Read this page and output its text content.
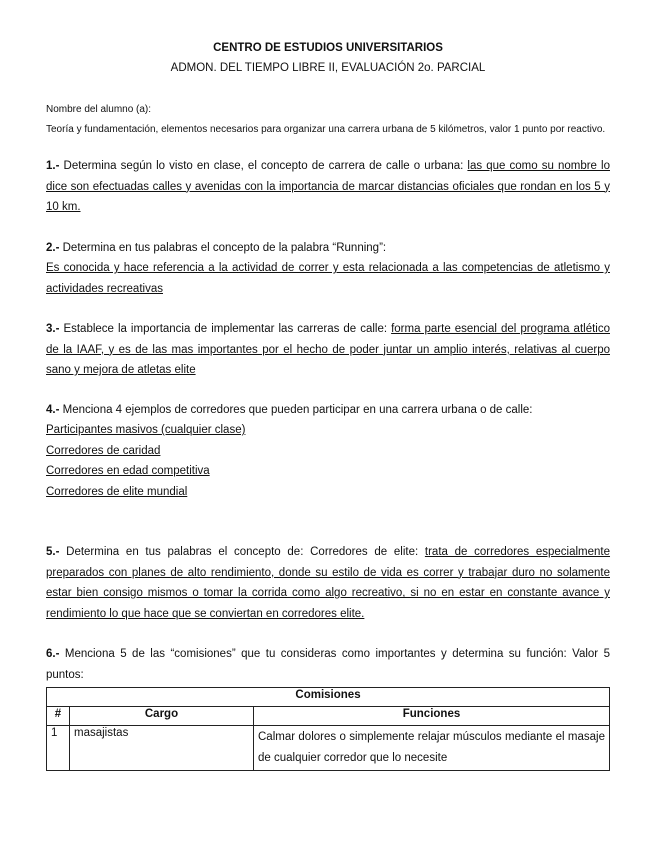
CENTRO DE ESTUDIOS UNIVERSITARIOS

ADMON. DEL TIEMPO LIBRE II, EVALUACIÓN 2o. PARCIAL

Nombre del alumno (a):
Teoría y fundamentación, elementos necesarios para organizar una carrera urbana de 5 kilómetros, valor 1 punto por reactivo.
1.- Determina según lo visto en clase, el concepto de carrera de calle o urbana: las que como su nombre lo dice son efectuadas calles y avenidas con la importancia de marcar distancias oficiales que rondan en los 5 y 10 km.
2.- Determina en tus palabras el concepto de la palabra “Running”:
Es conocida y hace referencia a la actividad de correr y esta relacionada a las competencias de atletismo y actividades recreativas
3.- Establece la importancia de implementar las carreras de calle: forma parte esencial del programa atlético de la IAAF, y es de las mas importantes por el hecho de poder juntar un amplio interés, relativas al cuerpo sano y mejora de atletas elite
4.- Menciona 4 ejemplos de corredores que pueden participar en una carrera urbana o de calle:
Participantes masivos (cualquier clase)
Corredores de caridad
Corredores en edad competitiva
Corredores de elite mundial
5.- Determina en tus palabras el concepto de: Corredores de elite: trata de corredores especialmente preparados con planes de alto rendimiento, donde su estilo de vida es correr y trabajar duro no solamente estar bien consigo mismos o tomar la corrida como algo recreativo, si no en estar en constante avance y rendimiento lo que hace que se conviertan en corredores elite.
6.- Menciona 5 de las “comisiones” que tu consideras como importantes y determina su función: Valor 5 puntos:
Comisiones		
#	Cargo	Funciones
1	masajistas	Calmar dolores o simplemente relajar músculos mediante el masaje de cualquier corredor que lo necesite
